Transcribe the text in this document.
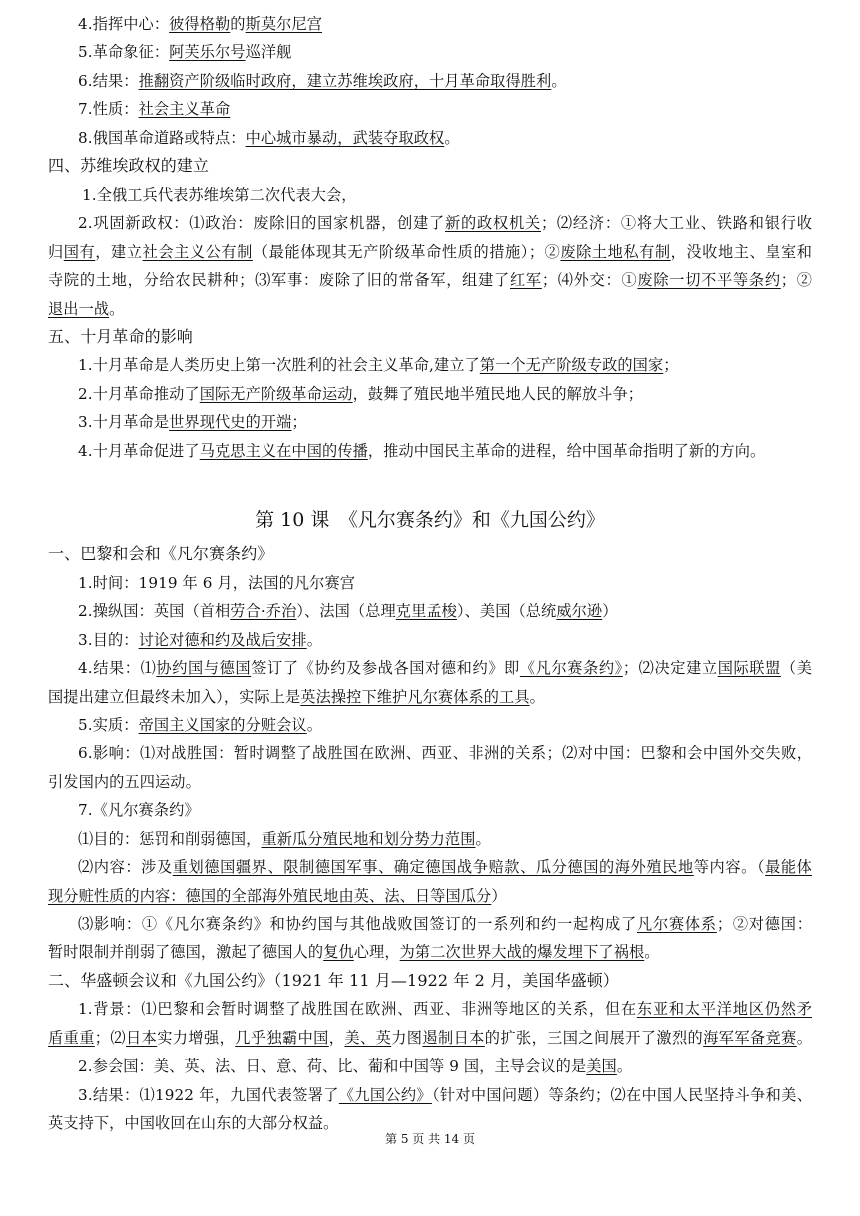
4.指挥中心：彼得格勒的斯莫尔尼宫
5.革命象征：阿芙乐尔号巡洋舰
6.结果：推翻资产阶级临时政府，建立苏维埃政府，十月革命取得胜利。
7.性质：社会主义革命
8.俄国革命道路或特点：中心城市暴动，武装夺取政权。
四、苏维埃政权的建立
1.全俄工兵代表苏维埃第二次代表大会，
2.巩固新政权：⑴政治：废除旧的国家机器，创建了新的政权机关；⑵经济：①将大工业、铁路和银行收
归国有，建立社会主义公有制（最能体现其无产阶级革命性质的措施）；②废除土地私有制，没收地主、皇室和
寺院的土地，分给农民耕种；⑶军事：废除了旧的常备军，组建了红军；⑷外交：①废除一切不平等条约；②
退出一战。
五、十月革命的影响
1.十月革命是人类历史上第一次胜利的社会主义革命,建立了第一个无产阶级专政的国家；
2.十月革命推动了国际无产阶级革命运动，鼓舞了殖民地半殖民地人民的解放斗争；
3.十月革命是世界现代史的开端；
4.十月革命促进了马克思主义在中国的传播，推动中国民主革命的进程，给中国革命指明了新的方向。
一、巴黎和会和《凡尔赛条约》
1.时间：1919 年 6 月，法国的凡尔赛宫
2.操纵国：英国（首相劳合·乔治）、法国（总理克里孟梭）、美国（总统威尔逊）
3.目的：讨论对德和约及战后安排。
4.结果：⑴协约国与德国签订了《协约及参战各国对德和约》即《凡尔赛条约》；⑵决定建立国际联盟（美
国提出建立但最终未加入），实际上是英法操控下维护凡尔赛体系的工具。
5.实质：帝国主义国家的分赃会议。
6.影响：⑴对战胜国：暂时调整了战胜国在欧洲、西亚、非洲的关系；⑵对中国：巴黎和会中国外交失败，
引发国内的五四运动。
7.《凡尔赛条约》
⑴目的：惩罚和削弱德国，重新瓜分殖民地和划分势力范围。
⑵内容：涉及重划德国疆界、限制德国军事、确定德国战争赔款、瓜分德国的海外殖民地等内容。（最能体
现分赃性质的内容：德国的全部海外殖民地由英、法、日等国瓜分）
⑶影响：①《凡尔赛条约》和协约国与其他战败国签订的一系列和约一起构成了凡尔赛体系；②对德国：
暂时限制并削弱了德国，激起了德国人的复仇心理，为第二次世界大战的爆发埋下了祸根。
二、华盛顿会议和《九国公约》（1921 年 11 月—1922 年 2 月，美国华盛顿）
1.背景：⑴巴黎和会暂时调整了战胜国在欧洲、西亚、非洲等地区的关系，但在东亚和太平洋地区仍然矛
盾重重；⑵日本实力增强，几乎独霸中国，美、英力图遏制日本的扩张，三国之间展开了激烈的海军军备竞赛。
2.参会国：美、英、法、日、意、荷、比、葡和中国等 9 国，主导会议的是美国。
3.结果：⑴1922 年，九国代表签署了《九国公约》（针对中国问题）等条约；⑵在中国人民坚持斗争和美、
英支持下，中国收回在山东的大部分权益。
第 10 课　《凡尔赛条约》和《九国公约》
第 5 页 共 14 页
